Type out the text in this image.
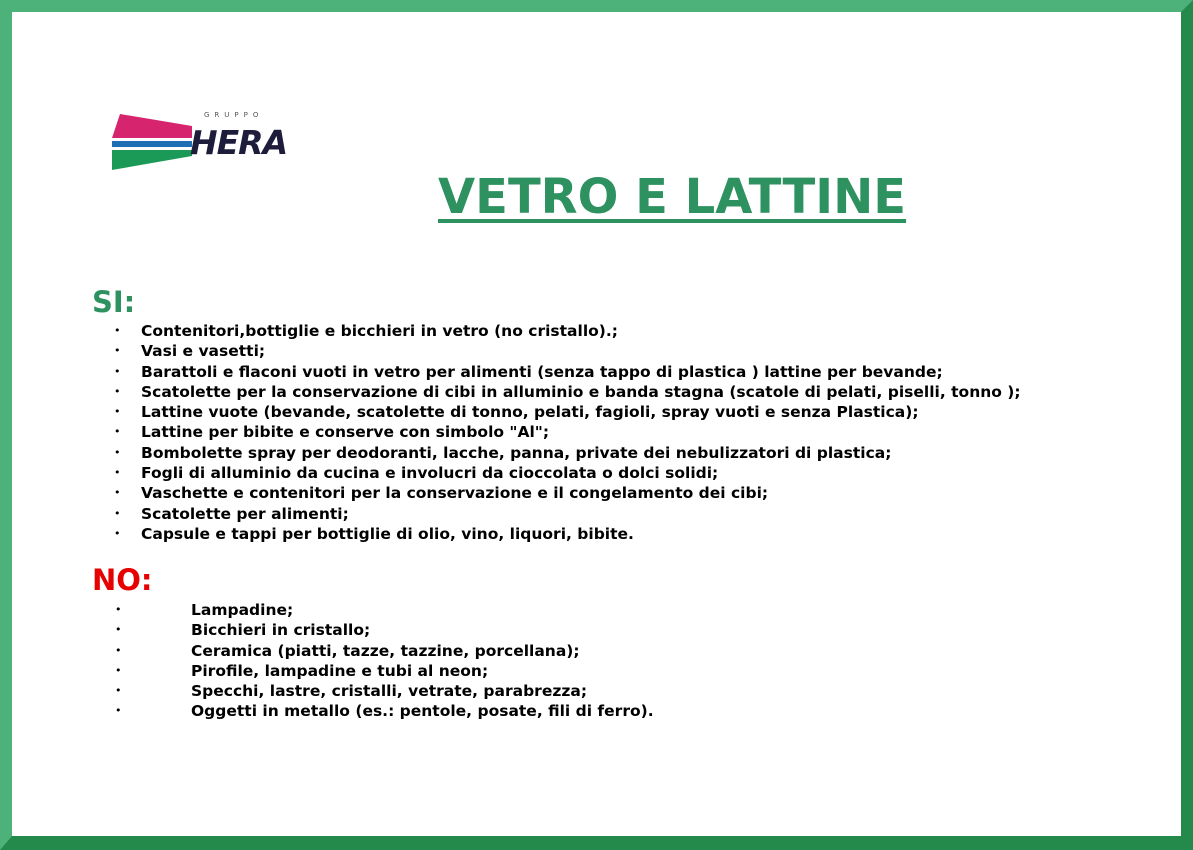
GRUPPO
HERA
VETRO E LATTINE
SI:
• Contenitori,bottiglie e bicchieri in vetro (no cristallo).;
• Vasi e vasetti;
• Barattoli e flaconi vuoti in vetro per alimenti (senza tappo di plastica ) lattine per bevande;
• Scatolette per la conservazione di cibi in alluminio e banda stagna (scatole di pelati, piselli, tonno );
• Lattine vuote (bevande, scatolette di tonno, pelati, fagioli, spray vuoti e senza Plastica);
• Lattine per bibite e conserve con simbolo "Al";
• Bombolette spray per deodoranti, lacche, panna, private dei nebulizzatori di plastica;
• Fogli di alluminio da cucina e involucri da cioccolata o dolci solidi;
• Vaschette e contenitori per la conservazione e il congelamento dei cibi;
• Scatolette per alimenti;
• Capsule e tappi per bottiglie di olio, vino, liquori, bibite.
NO:
•	Lampadine;
•	Bicchieri in cristallo;
•	Ceramica (piatti, tazze, tazzine, porcellana);
•	Pirofile, lampadine e tubi al neon;
•	Specchi, lastre, cristalli, vetrate, parabrezza;
•	Oggetti in metallo (es.: pentole, posate, fili di ferro).
